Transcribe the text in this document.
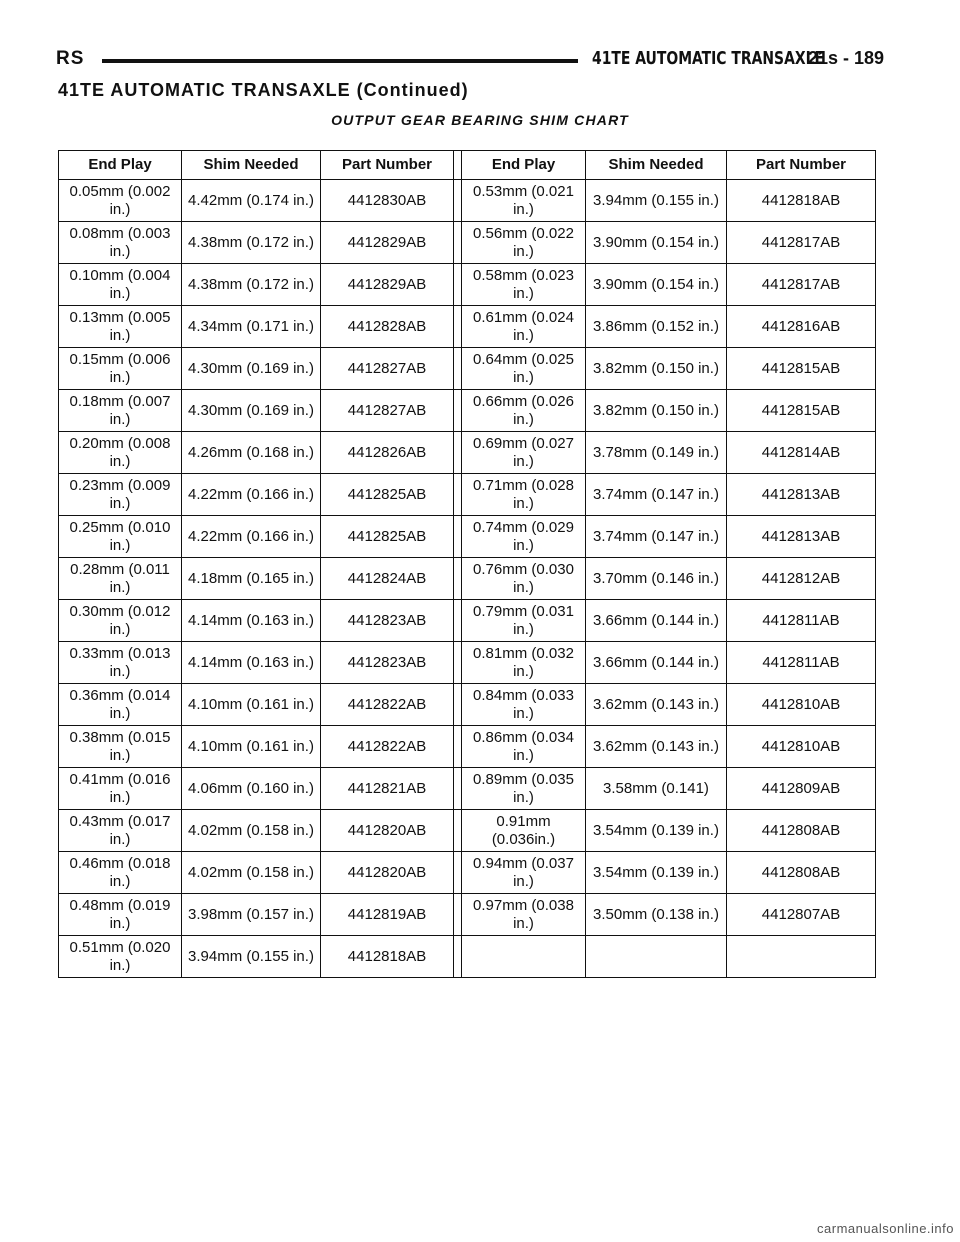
RS	41TE AUTOMATIC TRANSAXLE
21s - 189
41TE AUTOMATIC TRANSAXLE (Continued)
OUTPUT GEAR BEARING SHIM CHART
End Play	Shim Needed	Part Number		End Play	Shim Needed	Part Number
0.05mm (0.002 in.)	4.42mm (0.174 in.)	4412830AB		0.53mm (0.021 in.)	3.94mm (0.155 in.)	4412818AB
0.08mm (0.003 in.)	4.38mm (0.172 in.)	4412829AB		0.56mm (0.022 in.)	3.90mm (0.154 in.)	4412817AB
0.10mm (0.004 in.)	4.38mm (0.172 in.)	4412829AB		0.58mm (0.023 in.)	3.90mm (0.154 in.)	4412817AB
0.13mm (0.005 in.)	4.34mm (0.171 in.)	4412828AB		0.61mm (0.024 in.)	3.86mm (0.152 in.)	4412816AB
0.15mm (0.006 in.)	4.30mm (0.169 in.)	4412827AB		0.64mm (0.025 in.)	3.82mm (0.150 in.)	4412815AB
0.18mm (0.007 in.)	4.30mm (0.169 in.)	4412827AB		0.66mm (0.026 in.)	3.82mm (0.150 in.)	4412815AB
0.20mm (0.008 in.)	4.26mm (0.168 in.)	4412826AB		0.69mm (0.027 in.)	3.78mm (0.149 in.)	4412814AB
0.23mm (0.009 in.)	4.22mm (0.166 in.)	4412825AB		0.71mm (0.028 in.)	3.74mm (0.147 in.)	4412813AB
0.25mm (0.010 in.)	4.22mm (0.166 in.)	4412825AB		0.74mm (0.029 in.)	3.74mm (0.147 in.)	4412813AB
0.28mm (0.011 in.)	4.18mm (0.165 in.)	4412824AB		0.76mm (0.030 in.)	3.70mm (0.146 in.)	4412812AB
0.30mm (0.012 in.)	4.14mm (0.163 in.)	4412823AB		0.79mm (0.031 in.)	3.66mm (0.144 in.)	4412811AB
0.33mm (0.013 in.)	4.14mm (0.163 in.)	4412823AB		0.81mm (0.032 in.)	3.66mm (0.144 in.)	4412811AB
0.36mm (0.014 in.)	4.10mm (0.161 in.)	4412822AB		0.84mm (0.033 in.)	3.62mm (0.143 in.)	4412810AB
0.38mm (0.015 in.)	4.10mm (0.161 in.)	4412822AB		0.86mm (0.034 in.)	3.62mm (0.143 in.)	4412810AB
0.41mm (0.016 in.)	4.06mm (0.160 in.)	4412821AB		0.89mm (0.035 in.)	3.58mm (0.141)	4412809AB
0.43mm (0.017 in.)	4.02mm (0.158 in.)	4412820AB		0.91mm (0.036in.)	3.54mm (0.139 in.)	4412808AB
0.46mm (0.018 in.)	4.02mm (0.158 in.)	4412820AB		0.94mm (0.037 in.)	3.54mm (0.139 in.)	4412808AB
0.48mm (0.019 in.)	3.98mm (0.157 in.)	4412819AB		0.97mm (0.038 in.)	3.50mm (0.138 in.)	4412807AB
0.51mm (0.020 in.)	3.94mm (0.155 in.)	4412818AB				
carmanualsonline.info
